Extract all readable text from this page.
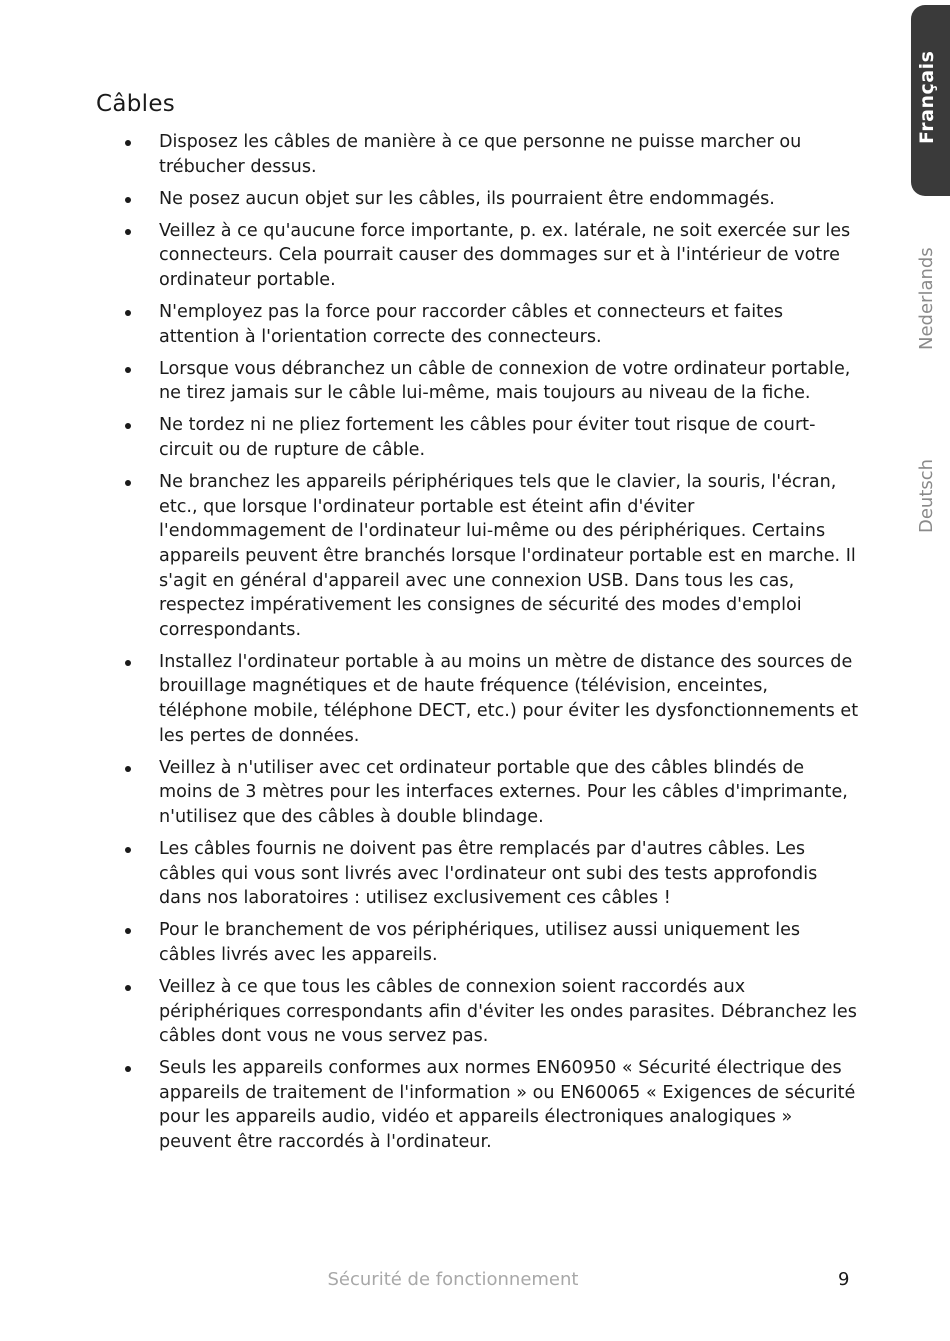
Câbles
Disposez les câbles de manière à ce que personne ne puisse marcher ou trébucher dessus.
Ne posez aucun objet sur les câbles, ils pourraient être endommagés.
Veillez à ce qu'aucune force importante, p. ex. latérale, ne soit exercée sur les connecteurs. Cela pourrait causer des dommages sur et à l'intérieur de votre ordinateur portable.
N'employez pas la force pour raccorder câbles et connecteurs et faites attention à l'orientation correcte des connecteurs.
Lorsque vous débranchez un câble de connexion de votre ordinateur portable, ne tirez jamais sur le câble lui-même, mais toujours au niveau de la fiche.
Ne tordez ni ne pliez fortement les câbles pour éviter tout risque de court-circuit ou de rupture de câble.
Ne branchez les appareils périphériques tels que le clavier, la souris, l'écran, etc., que lorsque l'ordinateur portable est éteint afin d'éviter l'endommagement de l'ordinateur lui-même ou des périphériques. Certains appareils peuvent être branchés lorsque l'ordinateur portable est en marche. Il s'agit en général d'appareil avec une connexion USB. Dans tous les cas, respectez impérativement les consignes de sécurité des modes d'emploi correspondants.
Installez l'ordinateur portable à au moins un mètre de distance des sources de brouillage magnétiques et de haute fréquence (télévision, enceintes, téléphone mobile, téléphone DECT, etc.) pour éviter les dysfonctionnements et les pertes de données.
Veillez à n'utiliser avec cet ordinateur portable que des câbles blindés de moins de 3 mètres pour les interfaces externes. Pour les câbles d'imprimante, n'utilisez que des câbles à double blindage.
Les câbles fournis ne doivent pas être remplacés par d'autres câbles. Les câbles qui vous sont livrés avec l'ordinateur ont subi des tests approfondis dans nos laboratoires : utilisez exclusivement ces câbles !
Pour le branchement de vos périphériques, utilisez aussi uniquement les câbles livrés avec les appareils.
Veillez à ce que tous les câbles de connexion soient raccordés aux périphériques correspondants afin d'éviter les ondes parasites. Débranchez les câbles dont vous ne vous servez pas.
Seuls les appareils conformes aux normes EN60950 « Sécurité électrique des appareils de traitement de l'information » ou EN60065 « Exigences de sécurité pour les appareils audio, vidéo et appareils électroniques analogiques » peuvent être raccordés à l'ordinateur.
Français
Nederlands
Deutsch
Sécurité de fonctionnement	9
